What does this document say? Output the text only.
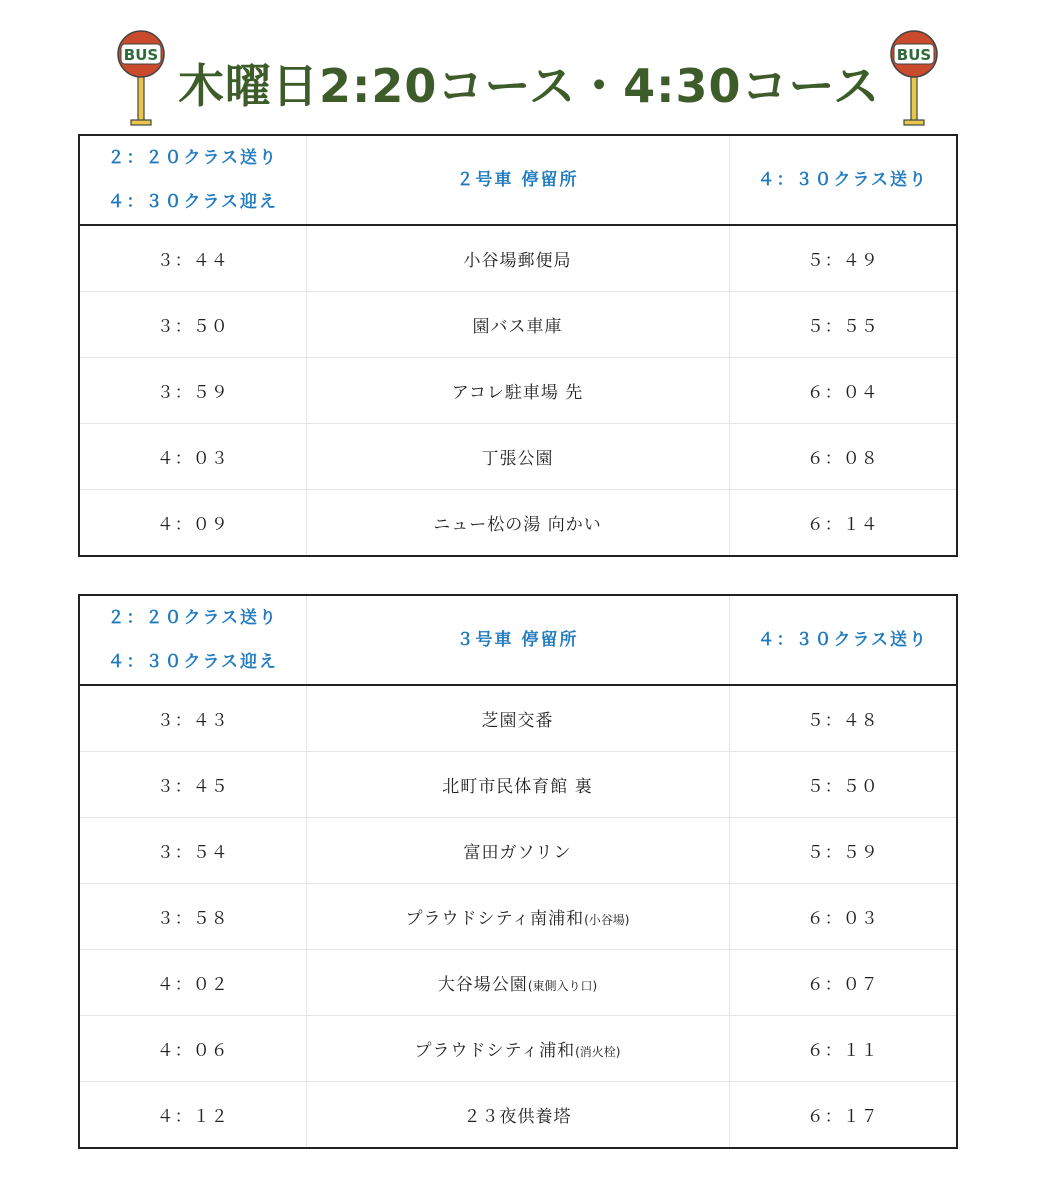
BUS
木曜日2:20コース・4:30コース
BUS
２：２０クラス送り
４：３０クラス迎え	２号車 停留所	４：３０クラス送り
３：４４	小谷場郵便局	５：４９
３：５０	園バス車庫	５：５５
３：５９	アコレ駐車場 先	６：０４
４：０３	丁張公園	６：０８
４：０９	ニュー松の湯 向かい	６：１４
２：２０クラス送り
４：３０クラス迎え	３号車 停留所	４：３０クラス送り
３：４３	芝園交番	５：４８
３：４５	北町市民体育館 裏	５：５０
３：５４	富田ガソリン	５：５９
３：５８	プラウドシティ南浦和(小谷場)	６：０３
４：０２	大谷場公園(東側入り口)	６：０７
４：０６	プラウドシティ浦和(消火栓)	６：１１
４：１２	２３夜供養塔	６：１７
